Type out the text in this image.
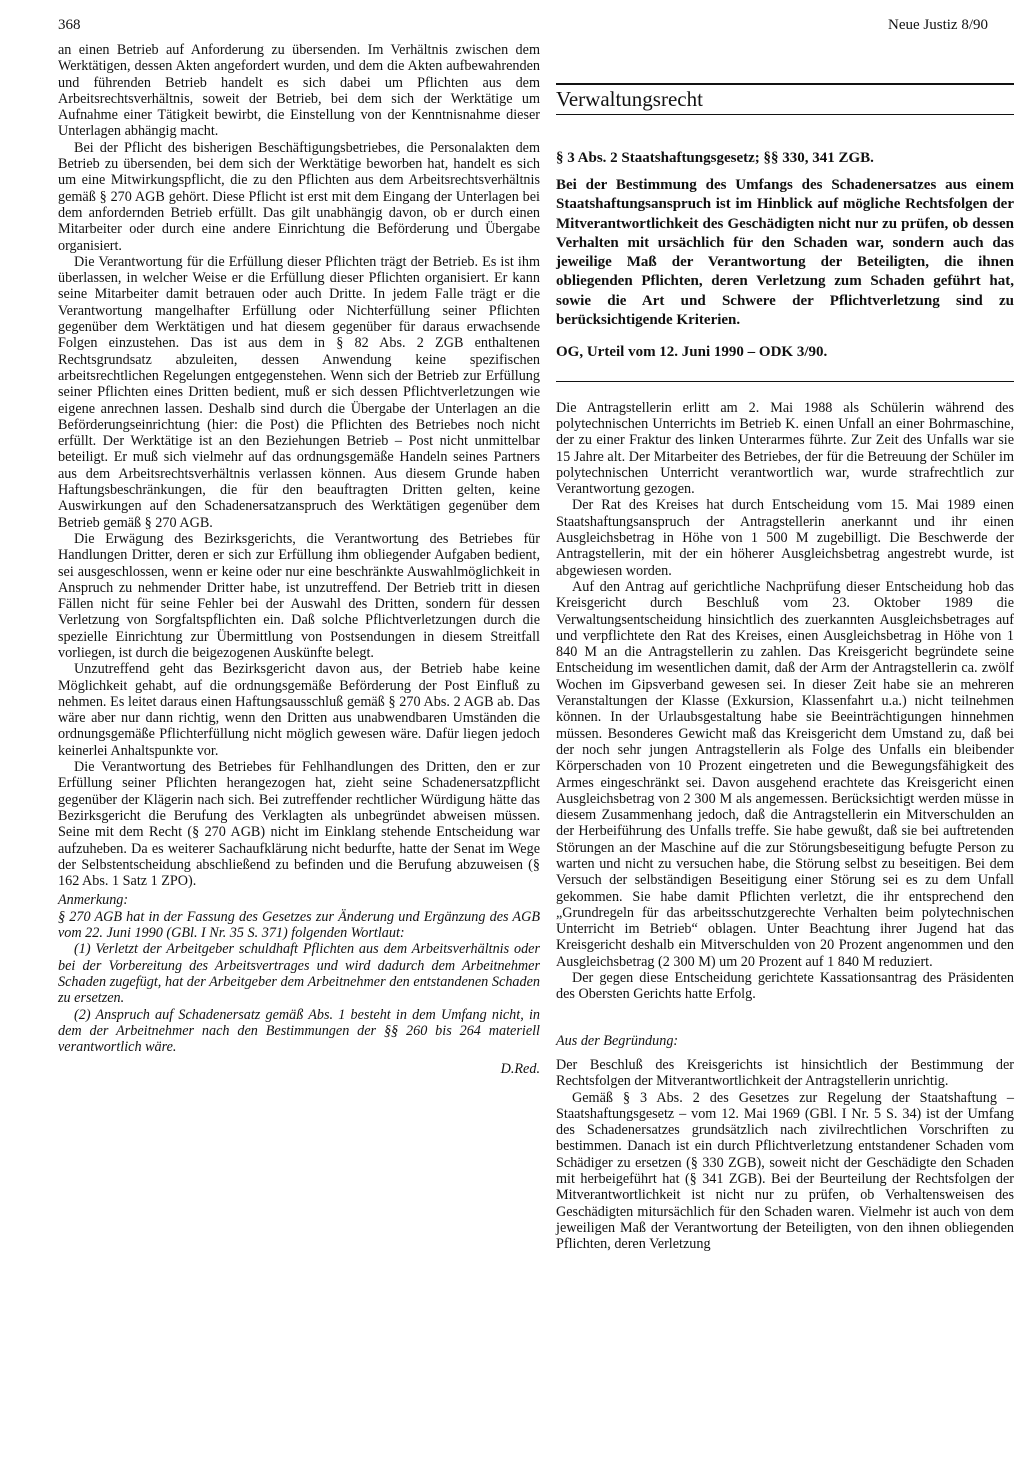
368	Neue Justiz 8/90

an einen Betrieb auf Anforderung zu übersenden. Im Verhältnis zwischen dem Werktätigen, dessen Akten angefordert wurden, und dem die Akten aufbewahrenden und führenden Betrieb handelt es sich dabei um Pflichten aus dem Arbeitsrechtsverhältnis, soweit der Betrieb, bei dem sich der Werktätige um Aufnahme einer Tätigkeit bewirbt, die Einstellung von der Kenntnisnahme dieser Unterlagen abhängig macht.

Bei der Pflicht des bisherigen Beschäftigungsbetriebes, die Personalakten dem Betrieb zu übersenden, bei dem sich der Werktätige beworben hat, handelt es sich um eine Mitwirkungspflicht, die zu den Pflichten aus dem Arbeitsrechtsverhältnis gemäß § 270 AGB gehört. Diese Pflicht ist erst mit dem Eingang der Unterlagen bei dem anfordernden Betrieb erfüllt. Das gilt unabhängig davon, ob er durch einen Mitarbeiter oder durch eine andere Einrichtung die Beförderung und Übergabe organisiert.

Die Verantwortung für die Erfüllung dieser Pflichten trägt der Betrieb. Es ist ihm überlassen, in welcher Weise er die Erfüllung dieser Pflichten organisiert. Er kann seine Mitarbeiter damit betrauen oder auch Dritte. In jedem Falle trägt er die Verantwortung mangelhafter Erfüllung oder Nichterfüllung seiner Pflichten gegenüber dem Werktätigen und hat diesem gegenüber für daraus erwachsende Folgen einzustehen. Das ist aus dem in § 82 Abs. 2 ZGB enthaltenen Rechtsgrundsatz abzuleiten, dessen Anwendung keine spezifischen arbeitsrechtlichen Regelungen entgegenstehen. Wenn sich der Betrieb zur Erfüllung seiner Pflichten eines Dritten bedient, muß er sich dessen Pflichtverletzungen wie eigene anrechnen lassen. Deshalb sind durch die Übergabe der Unterlagen an die Beförderungseinrichtung (hier: die Post) die Pflichten des Betriebes noch nicht erfüllt. Der Werktätige ist an den Beziehungen Betrieb – Post nicht unmittelbar beteiligt. Er muß sich vielmehr auf das ordnungsgemäße Handeln seines Partners aus dem Arbeitsrechtsverhältnis verlassen können. Aus diesem Grunde haben Haftungsbeschränkungen, die für den beauftragten Dritten gelten, keine Auswirkungen auf den Schadenersatzanspruch des Werktätigen gegenüber dem Betrieb gemäß § 270 AGB.

Die Erwägung des Bezirksgerichts, die Verantwortung des Betriebes für Handlungen Dritter, deren er sich zur Erfüllung ihm obliegender Aufgaben bedient, sei ausgeschlossen, wenn er keine oder nur eine beschränkte Auswahlmöglichkeit in Anspruch zu nehmender Dritter habe, ist unzutreffend. Der Betrieb tritt in diesen Fällen nicht für seine Fehler bei der Auswahl des Dritten, sondern für dessen Verletzung von Sorgfaltspflichten ein. Daß solche Pflichtverletzungen durch die spezielle Einrichtung zur Übermittlung von Postsendungen in diesem Streitfall vorliegen, ist durch die beigezogenen Auskünfte belegt.

Unzutreffend geht das Bezirksgericht davon aus, der Betrieb habe keine Möglichkeit gehabt, auf die ordnungsgemäße Beförderung der Post Einfluß zu nehmen. Es leitet daraus einen Haftungsausschluß gemäß § 270 Abs. 2 AGB ab. Das wäre aber nur dann richtig, wenn den Dritten aus unabwendbaren Umständen die ordnungsgemäße Pflichterfüllung nicht möglich gewesen wäre. Dafür liegen jedoch keinerlei Anhaltspunkte vor.

Die Verantwortung des Betriebes für Fehlhandlungen des Dritten, den er zur Erfüllung seiner Pflichten herangezogen hat, zieht seine Schadenersatzpflicht gegenüber der Klägerin nach sich. Bei zutreffender rechtlicher Würdigung hätte das Bezirksgericht die Berufung des Verklagten als unbegründet abweisen müssen. Seine mit dem Recht (§ 270 AGB) nicht im Einklang stehende Entscheidung war aufzuheben. Da es weiterer Sachaufklärung nicht bedurfte, hatte der Senat im Wege der Selbstentscheidung abschließend zu befinden und die Berufung abzuweisen (§ 162 Abs. 1 Satz 1 ZPO).

Anmerkung:

§ 270 AGB hat in der Fassung des Gesetzes zur Änderung und Ergänzung des AGB vom 22. Juni 1990 (GBl. I Nr. 35 S. 371) folgenden Wortlaut:

(1) Verletzt der Arbeitgeber schuldhaft Pflichten aus dem Arbeitsverhältnis oder bei der Vorbereitung des Arbeitsvertrages und wird dadurch dem Arbeitnehmer Schaden zugefügt, hat der Arbeitgeber dem Arbeitnehmer den entstandenen Schaden zu ersetzen.

(2) Anspruch auf Schadenersatz gemäß Abs. 1 besteht in dem Umfang nicht, in dem der Arbeitnehmer nach den Bestimmungen der §§ 260 bis 264 materiell verantwortlich wäre.

D.Red.

Verwaltungsrecht

§ 3 Abs. 2 Staatshaftungsgesetz; §§ 330, 341 ZGB.

Bei der Bestimmung des Umfangs des Schadenersatzes aus einem Staatshaftungsanspruch ist im Hinblick auf mögliche Rechtsfolgen der Mitverantwortlichkeit des Geschädigten nicht nur zu prüfen, ob dessen Verhalten mit ursächlich für den Schaden war, sondern auch das jeweilige Maß der Verantwortung der Beteiligten, die ihnen obliegenden Pflichten, deren Verletzung zum Schaden geführt hat, sowie die Art und Schwere der Pflichtverletzung sind zu berücksichtigende Kriterien.

OG, Urteil vom 12. Juni 1990 – ODK 3/90.

Die Antragstellerin erlitt am 2. Mai 1988 als Schülerin während des polytechnischen Unterrichts im Betrieb K. einen Unfall an einer Bohrmaschine, der zu einer Fraktur des linken Unterarmes führte. Zur Zeit des Unfalls war sie 15 Jahre alt. Der Mitarbeiter des Betriebes, der für die Betreuung der Schüler im polytechnischen Unterricht verantwortlich war, wurde strafrechtlich zur Verantwortung gezogen.

Der Rat des Kreises hat durch Entscheidung vom 15. Mai 1989 einen Staatshaftungsanspruch der Antragstellerin anerkannt und ihr einen Ausgleichsbetrag in Höhe von 1 500 M zugebilligt. Die Beschwerde der Antragstellerin, mit der ein höherer Ausgleichsbetrag angestrebt wurde, ist abgewiesen worden.

Auf den Antrag auf gerichtliche Nachprüfung dieser Entscheidung hob das Kreisgericht durch Beschluß vom 23. Oktober 1989 die Verwaltungsentscheidung hinsichtlich des zuerkannten Ausgleichsbetrages auf und verpflichtete den Rat des Kreises, einen Ausgleichsbetrag in Höhe von 1 840 M an die Antragstellerin zu zahlen. Das Kreisgericht begründete seine Entscheidung im wesentlichen damit, daß der Arm der Antragstellerin ca. zwölf Wochen im Gipsverband gewesen sei. In dieser Zeit habe sie an mehreren Veranstaltungen der Klasse (Exkursion, Klassenfahrt u.a.) nicht teilnehmen können. In der Urlaubsgestaltung habe sie Beeinträchtigungen hinnehmen müssen. Besonderes Gewicht maß das Kreisgericht dem Umstand zu, daß bei der noch sehr jungen Antragstellerin als Folge des Unfalls ein bleibender Körperschaden von 10 Prozent eingetreten und die Bewegungsfähigkeit des Armes eingeschränkt sei. Davon ausgehend erachtete das Kreisgericht einen Ausgleichsbetrag von 2 300 M als angemessen. Berücksichtigt werden müsse in diesem Zusammenhang jedoch, daß die Antragstellerin ein Mitverschulden an der Herbeiführung des Unfalls treffe. Sie habe gewußt, daß sie bei auftretenden Störungen an der Maschine auf die zur Störungsbeseitigung befugte Person zu warten und nicht zu versuchen habe, die Störung selbst zu beseitigen. Bei dem Versuch der selbständigen Beseitigung einer Störung sei es zu dem Unfall gekommen. Sie habe damit Pflichten verletzt, die ihr entsprechend den „Grundregeln für das arbeitsschutzgerechte Verhalten beim polytechnischen Unterricht im Betrieb“ oblagen. Unter Beachtung ihrer Jugend hat das Kreisgericht deshalb ein Mitverschulden von 20 Prozent angenommen und den Ausgleichsbetrag (2 300 M) um 20 Prozent auf 1 840 M reduziert.

Der gegen diese Entscheidung gerichtete Kassationsantrag des Präsidenten des Obersten Gerichts hatte Erfolg.

Aus der Begründung:

Der Beschluß des Kreisgerichts ist hinsichtlich der Bestimmung der Rechtsfolgen der Mitverantwortlichkeit der Antragstellerin unrichtig.

Gemäß § 3 Abs. 2 des Gesetzes zur Regelung der Staatshaftung – Staatshaftungsgesetz – vom 12. Mai 1969 (GBl. I Nr. 5 S. 34) ist der Umfang des Schadenersatzes grundsätzlich nach zivilrechtlichen Vorschriften zu bestimmen. Danach ist ein durch Pflichtverletzung entstandener Schaden vom Schädiger zu ersetzen (§ 330 ZGB), soweit nicht der Geschädigte den Schaden mit herbeigeführt hat (§ 341 ZGB). Bei der Beurteilung der Rechtsfolgen der Mitverantwortlichkeit ist nicht nur zu prüfen, ob Verhaltensweisen des Geschädigten mitursächlich für den Schaden waren. Vielmehr ist auch von dem jeweiligen Maß der Verantwortung der Beteiligten, von den ihnen obliegenden Pflichten, deren Verletzung
